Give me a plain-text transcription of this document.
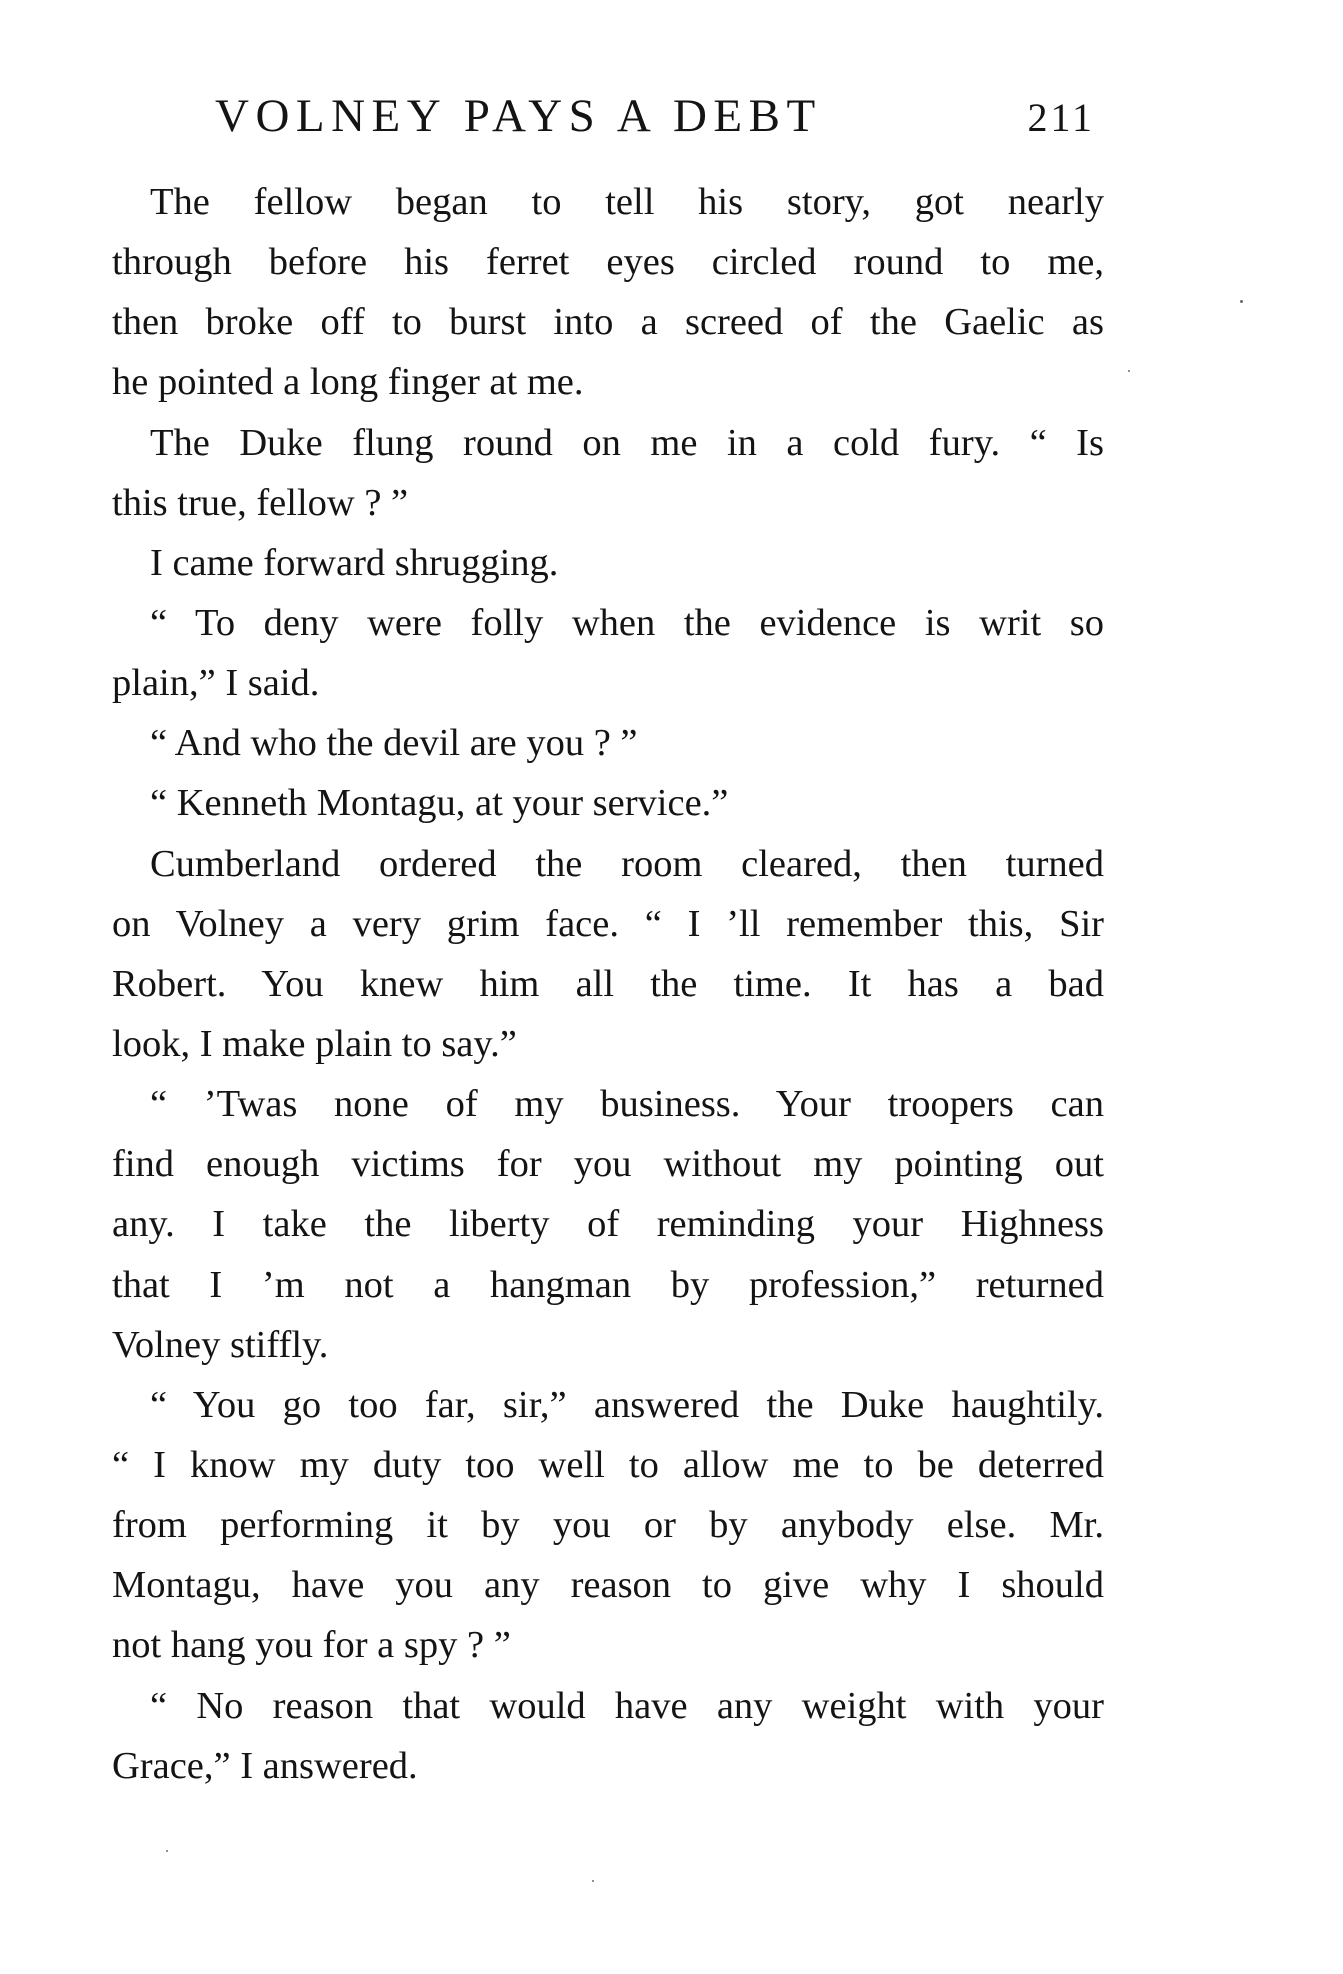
VOLNEY PAYS A DEBT	211
The fellow began to tell his story, got nearly
through before his ferret eyes circled round to me,
then broke off to burst into a screed of the Gaelic as
he pointed a long finger at me.
The Duke flung round on me in a cold fury. “ Is
this true, fellow ? ”
I came forward shrugging.
“ To deny were folly when the evidence is writ so
plain,” I said.
“ And who the devil are you ? ”
“ Kenneth Montagu, at your service.”
Cumberland ordered the room cleared, then turned
on Volney a very grim face. “ I ’ll remember this, Sir
Robert. You knew him all the time. It has a bad
look, I make plain to say.”
“ ’Twas none of my business. Your troopers can
find enough victims for you without my pointing out
any. I take the liberty of reminding your Highness
that I ’m not a hangman by profession,” returned
Volney stiffly.
“ You go too far, sir,” answered the Duke haughtily.
“ I know my duty too well to allow me to be deterred
from performing it by you or by anybody else. Mr.
Montagu, have you any reason to give why I should
not hang you for a spy ? ”
“ No reason that would have any weight with your
Grace,” I answered.
